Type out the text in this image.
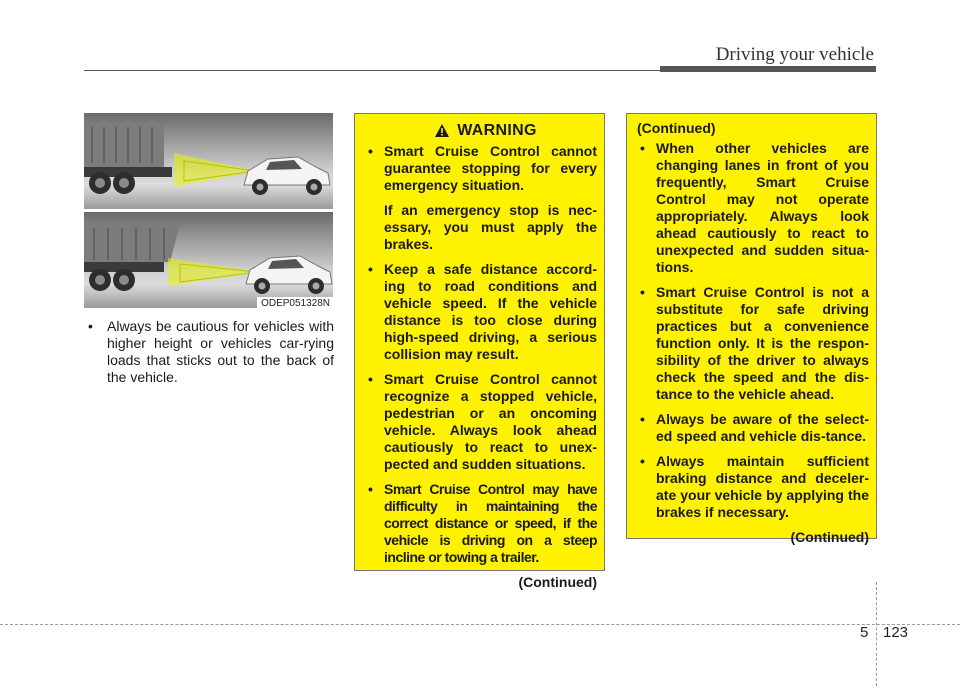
Driving your vehicle
ODEP051328N
• Always be cautious for vehicles with higher height or vehicles car-rying loads that sticks out to the back of the vehicle.
WARNING
• Smart Cruise Control cannot guarantee stopping for every emergency situation.

If an emergency stop is nec-essary, you must apply the brakes.

• Keep a safe distance accord-ing to road conditions and vehicle speed. If the vehicle distance is too close during high-speed driving, a serious collision may result.

• Smart Cruise Control cannot recognize a stopped vehicle, pedestrian or an oncoming vehicle. Always look ahead cautiously to react to unex-pected and sudden situations.

• Smart Cruise Control may have difficulty in maintaining the correct distance or speed, if the vehicle is driving on a steep incline or towing a trailer.

(Continued)
(Continued)
• When other vehicles are changing lanes in front of you frequently, Smart Cruise Control may not operate appropriately. Always look ahead cautiously to react to unexpected and sudden situa-tions.

• Smart Cruise Control is not a substitute for safe driving practices but a convenience function only. It is the respon-sibility of the driver to always check the speed and the dis-tance to the vehicle ahead.

• Always be aware of the select-ed speed and vehicle dis-tance.

• Always maintain sufficient braking distance and deceler-ate your vehicle by applying the brakes if necessary.

(Continued)
5 123
